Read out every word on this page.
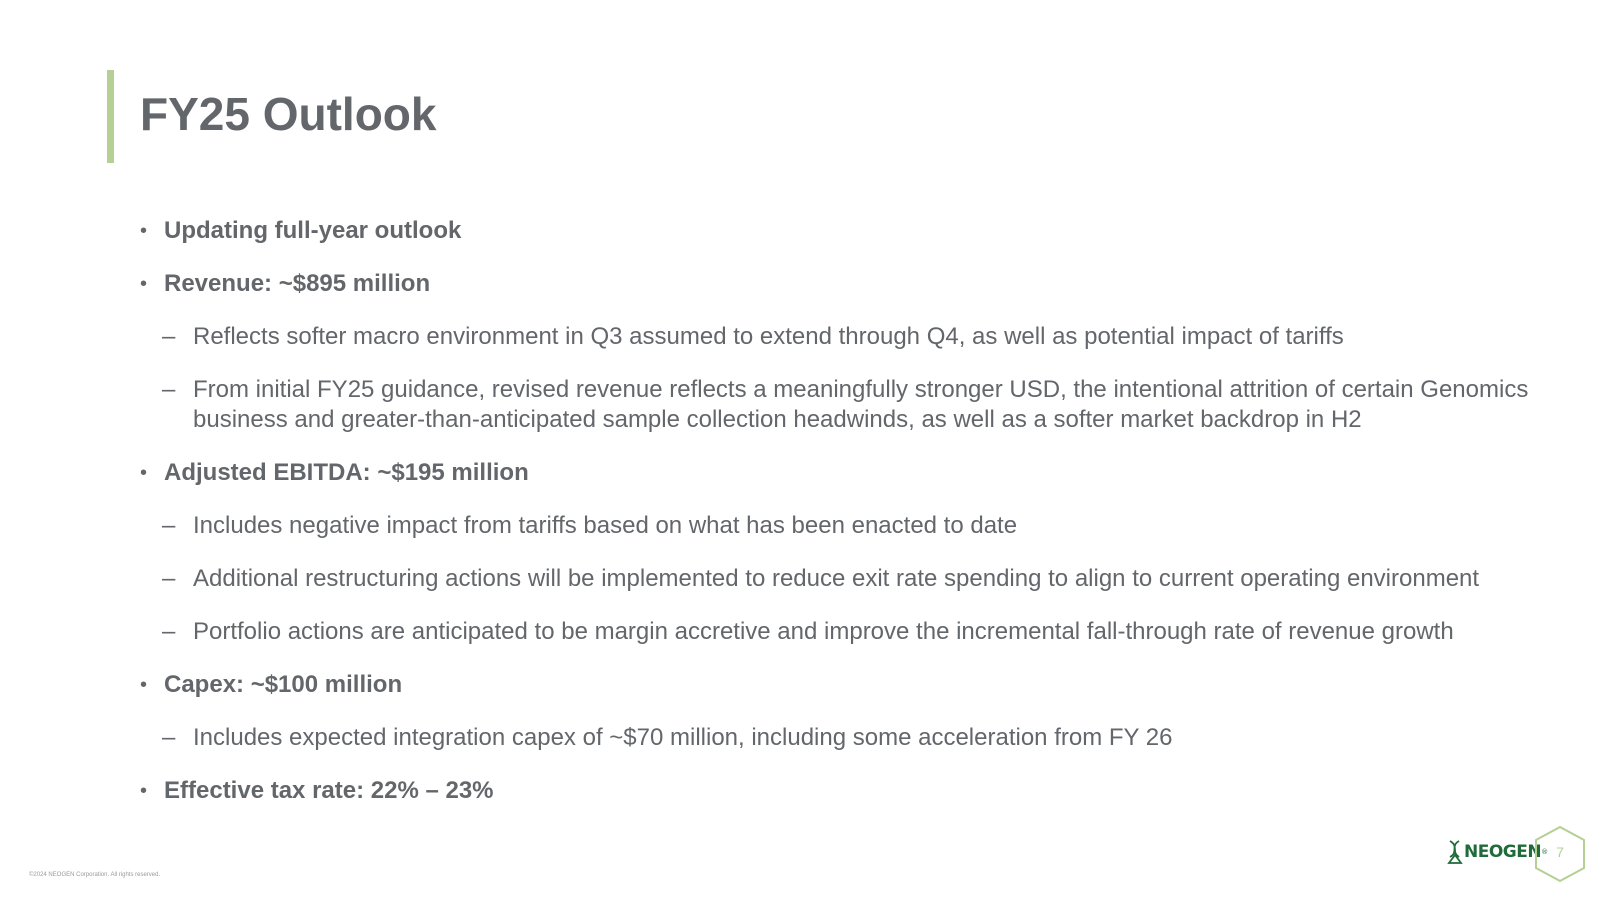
FY25 Outlook
• Updating full-year outlook
• Revenue: ~$895 million
– Reflects softer macro environment in Q3 assumed to extend through Q4, as well as potential impact of tariffs
– From initial FY25 guidance, revised revenue reflects a meaningfully stronger USD, the intentional attrition of certain Genomics business and greater-than-anticipated sample collection headwinds, as well as a softer market backdrop in H2
• Adjusted EBITDA: ~$195 million
– Includes negative impact from tariffs based on what has been enacted to date
– Additional restructuring actions will be implemented to reduce exit rate spending to align to current operating environment
– Portfolio actions are anticipated to be margin accretive and improve the incremental fall-through rate of revenue growth
• Capex: ~$100 million
– Includes expected integration capex of ~$70 million, including some acceleration from FY 26
• Effective tax rate: 22% – 23%
©2024 NEOGEN Corporation. All rights reserved.
NEOGEN ® 7
